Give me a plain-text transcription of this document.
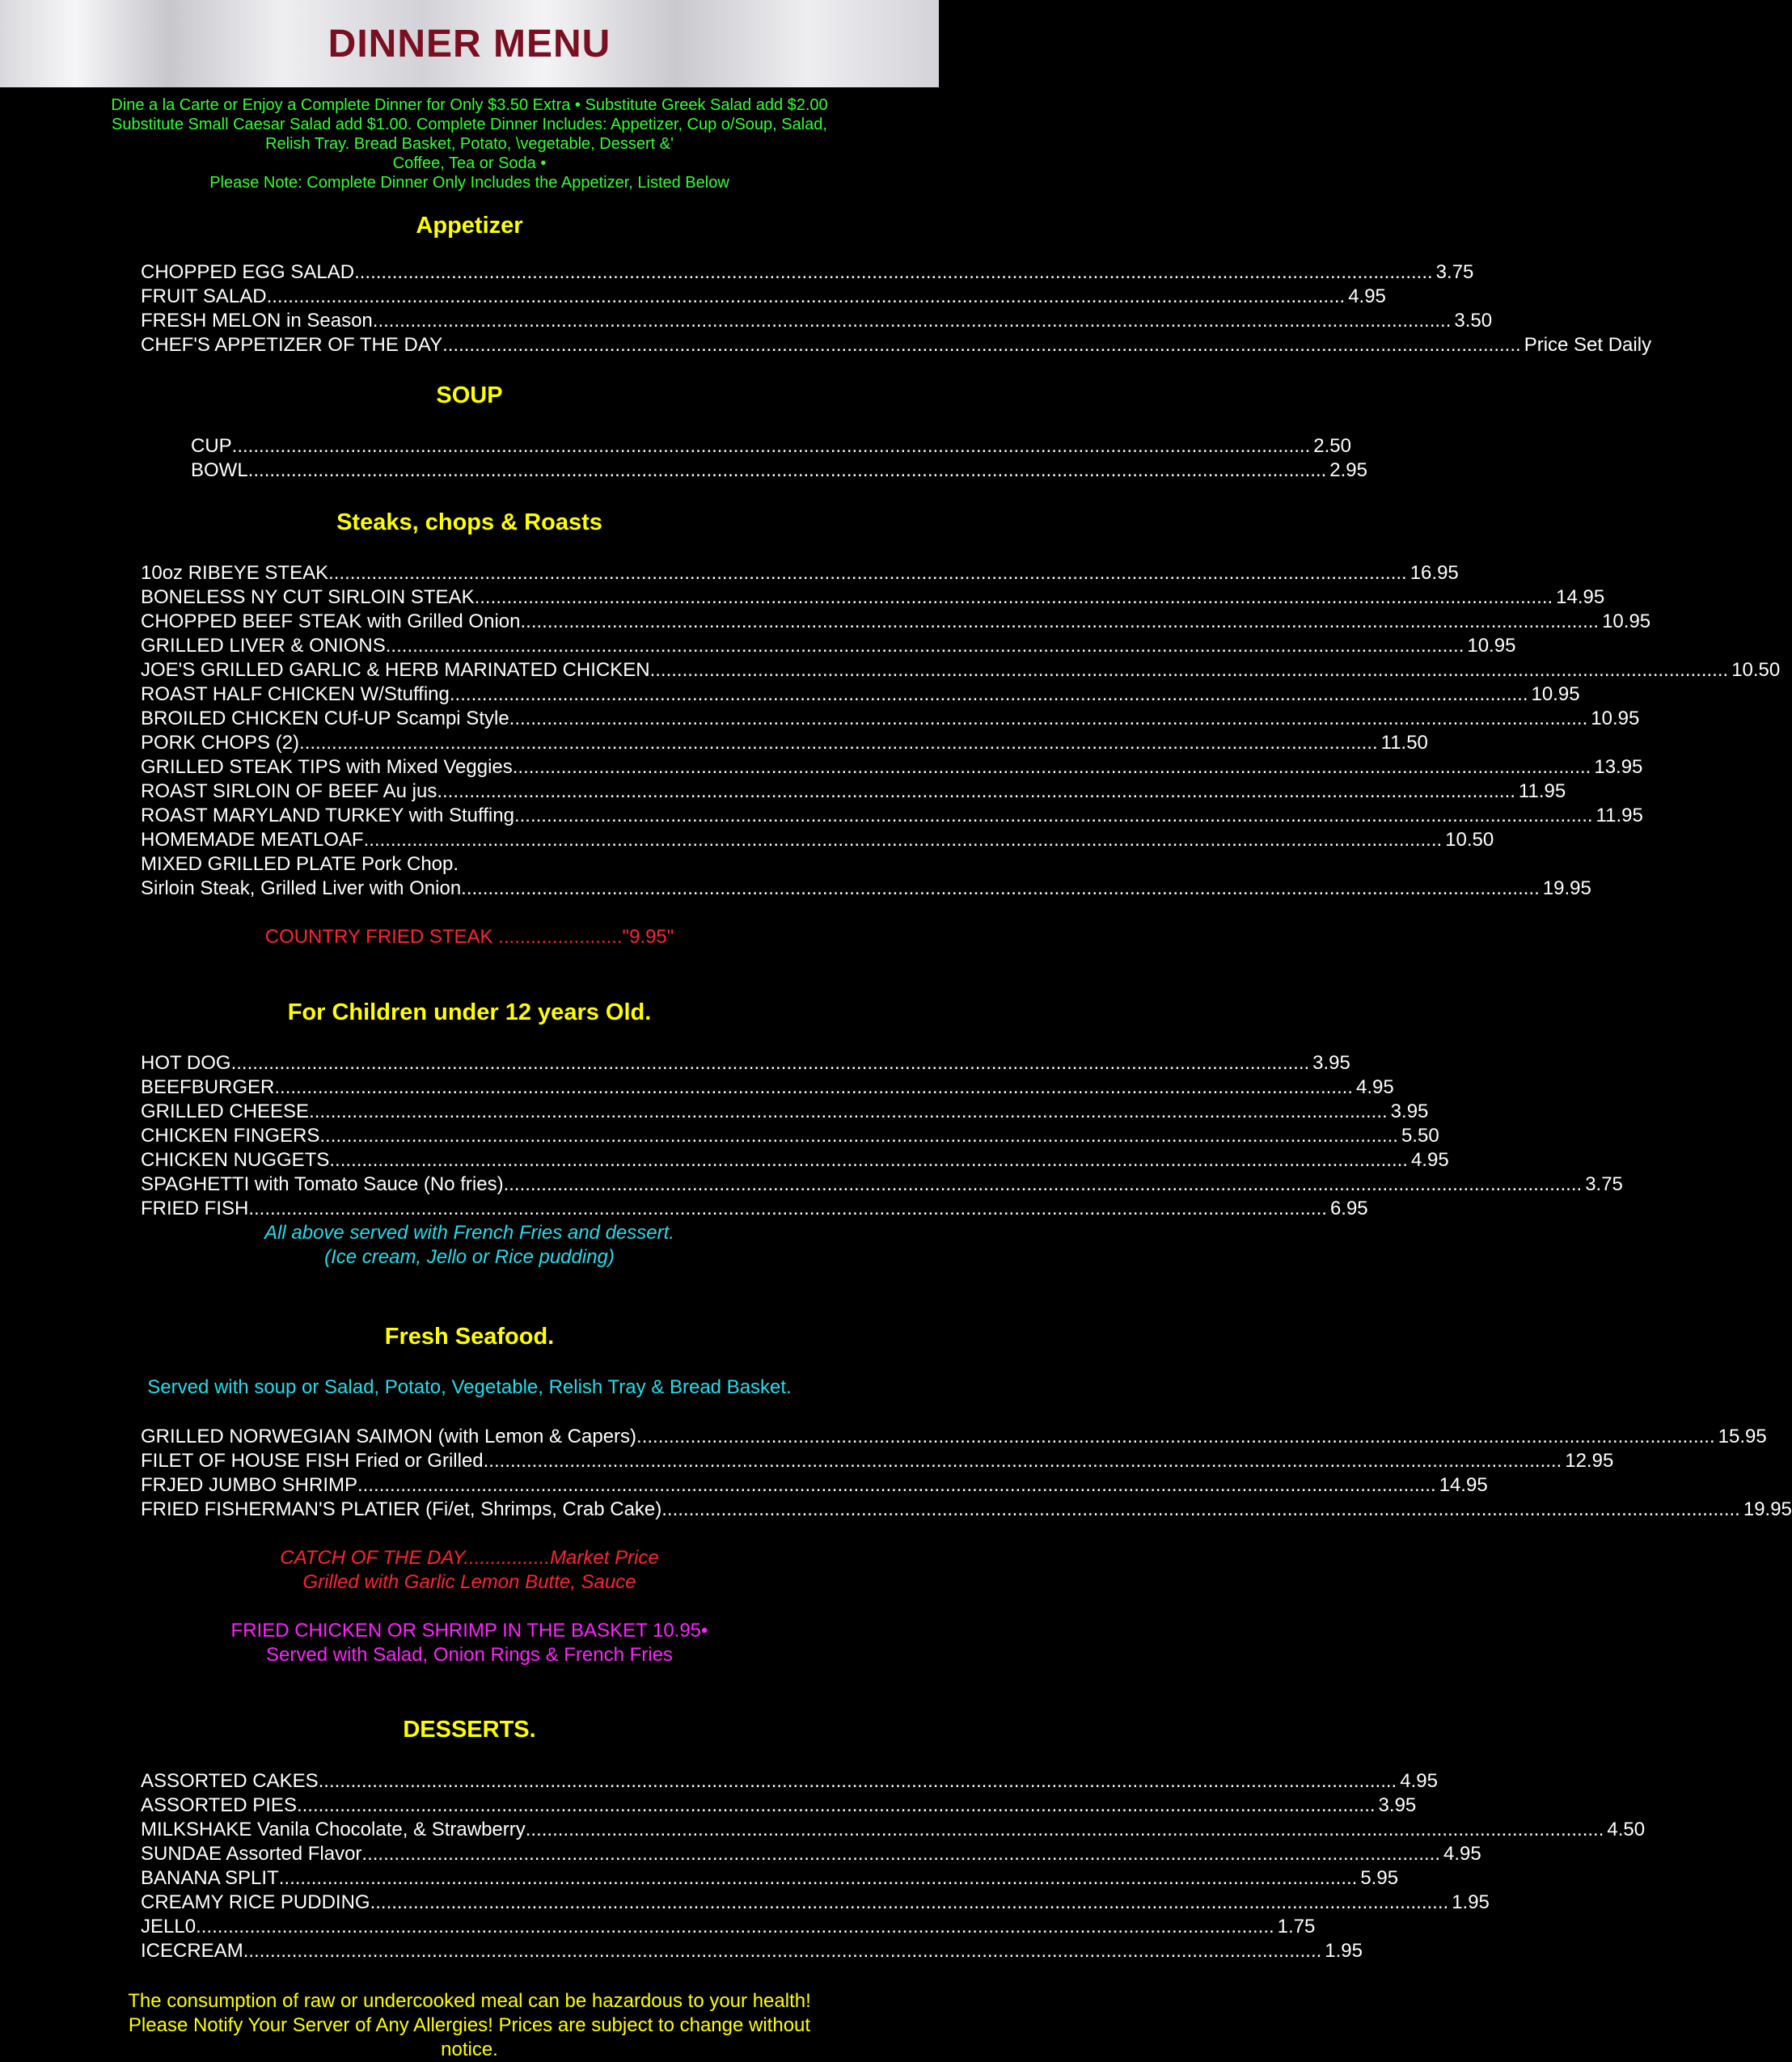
DINNER MENU
Dine a la Carte or Enjoy a Complete Dinner for Only $3.50 Extra • Substitute Greek Salad add $2.00
Substitute Small Caesar Salad add $1.00. Complete Dinner Includes: Appetizer, Cup o/Soup, Salad,
Relish Tray. Bread Basket, Potato, \vegetable, Dessert &'
Coffee, Tea or Soda •
Please Note: Complete Dinner Only Includes the Appetizer, Listed Below
Appetizer
CHOPPED EGG SALAD ........................................................................................................................................................................................................ 3.75
FRUIT SALAD ........................................................................................................................................................................................................ 4.95
FRESH MELON in Season ........................................................................................................................................................................................................ 3.50
CHEF'S APPETIZER OF THE DAY ........................................................................................................................................................................................................ Price Set Daily
SOUP
CUP ........................................................................................................................................................................................................ 2.50
BOWL ........................................................................................................................................................................................................ 2.95
Steaks, chops & Roasts
10oz RIBEYE STEAK ........................................................................................................................................................................................................ 16.95
BONELESS NY CUT SIRLOIN STEAK ........................................................................................................................................................................................................ 14.95
CHOPPED BEEF STEAK with Grilled Onion ........................................................................................................................................................................................................ 10.95
GRILLED LIVER & ONIONS ........................................................................................................................................................................................................ 10.95
JOE'S GRILLED GARLIC & HERB MARINATED CHICKEN ........................................................................................................................................................................................................ 10.50
ROAST HALF CHICKEN W/Stuffing ........................................................................................................................................................................................................ 10.95
BROILED CHICKEN CUf-UP Scampi Style ........................................................................................................................................................................................................ 10.95
PORK CHOPS (2) ........................................................................................................................................................................................................ 11.50
GRILLED STEAK TIPS with Mixed Veggies ........................................................................................................................................................................................................ 13.95
ROAST SIRLOIN OF BEEF Au jus ........................................................................................................................................................................................................ 11.95
ROAST MARYLAND TURKEY with Stuffing ........................................................................................................................................................................................................ 11.95
HOMEMADE MEATLOAF ........................................................................................................................................................................................................ 10.50
MIXED GRILLED PLATE Pork Chop.
Sirloin Steak, Grilled Liver with Onion ........................................................................................................................................................................................................ 19.95
COUNTRY FRIED STEAK ......................."9.95"
For Children under 12 years Old.
HOT DOG ........................................................................................................................................................................................................ 3.95
BEEFBURGER ........................................................................................................................................................................................................ 4.95
GRILLED CHEESE ........................................................................................................................................................................................................ 3.95
CHICKEN FINGERS ........................................................................................................................................................................................................ 5.50
CHICKEN NUGGETS ........................................................................................................................................................................................................ 4.95
SPAGHETTI with Tomato Sauce (No fries) ........................................................................................................................................................................................................ 3.75
FRIED FISH ........................................................................................................................................................................................................ 6.95
All above served with French Fries and dessert.
(Ice cream, Jello or Rice pudding)
Fresh Seafood.
Served with soup or Salad, Potato, Vegetable, Relish Tray & Bread Basket.
GRILLED NORWEGIAN SAIMON (with Lemon & Capers) ........................................................................................................................................................................................................ 15.95
FILET OF HOUSE FISH Fried or Grilled ........................................................................................................................................................................................................ 12.95
FRJED JUMBO SHRIMP ........................................................................................................................................................................................................ 14.95
FRIED FISHERMAN'S PLATIER (Fi/et, Shrimps, Crab Cake) ........................................................................................................................................................................................................ 19.95
CATCH OF THE DAY................Market Price
Grilled with Garlic Lemon Butte, Sauce
FRIED CHICKEN OR SHRIMP IN THE BASKET 10.95•
Served with Salad, Onion Rings & French Fries
DESSERTS.
ASSORTED CAKES ........................................................................................................................................................................................................ 4.95
ASSORTED PIES ........................................................................................................................................................................................................ 3.95
MILKSHAKE Vanila Chocolate, & Strawberry ........................................................................................................................................................................................................ 4.50
SUNDAE Assorted Flavor ........................................................................................................................................................................................................ 4.95
BANANA SPLIT ........................................................................................................................................................................................................ 5.95
CREAMY RICE PUDDING ........................................................................................................................................................................................................ 1.95
JELL0 ........................................................................................................................................................................................................ 1.75
ICECREAM ........................................................................................................................................................................................................ 1.95
The consumption of raw or undercooked meal can be hazardous to your health!
Please Notify Your Server of Any Allergies! Prices are subject to change without
notice.
